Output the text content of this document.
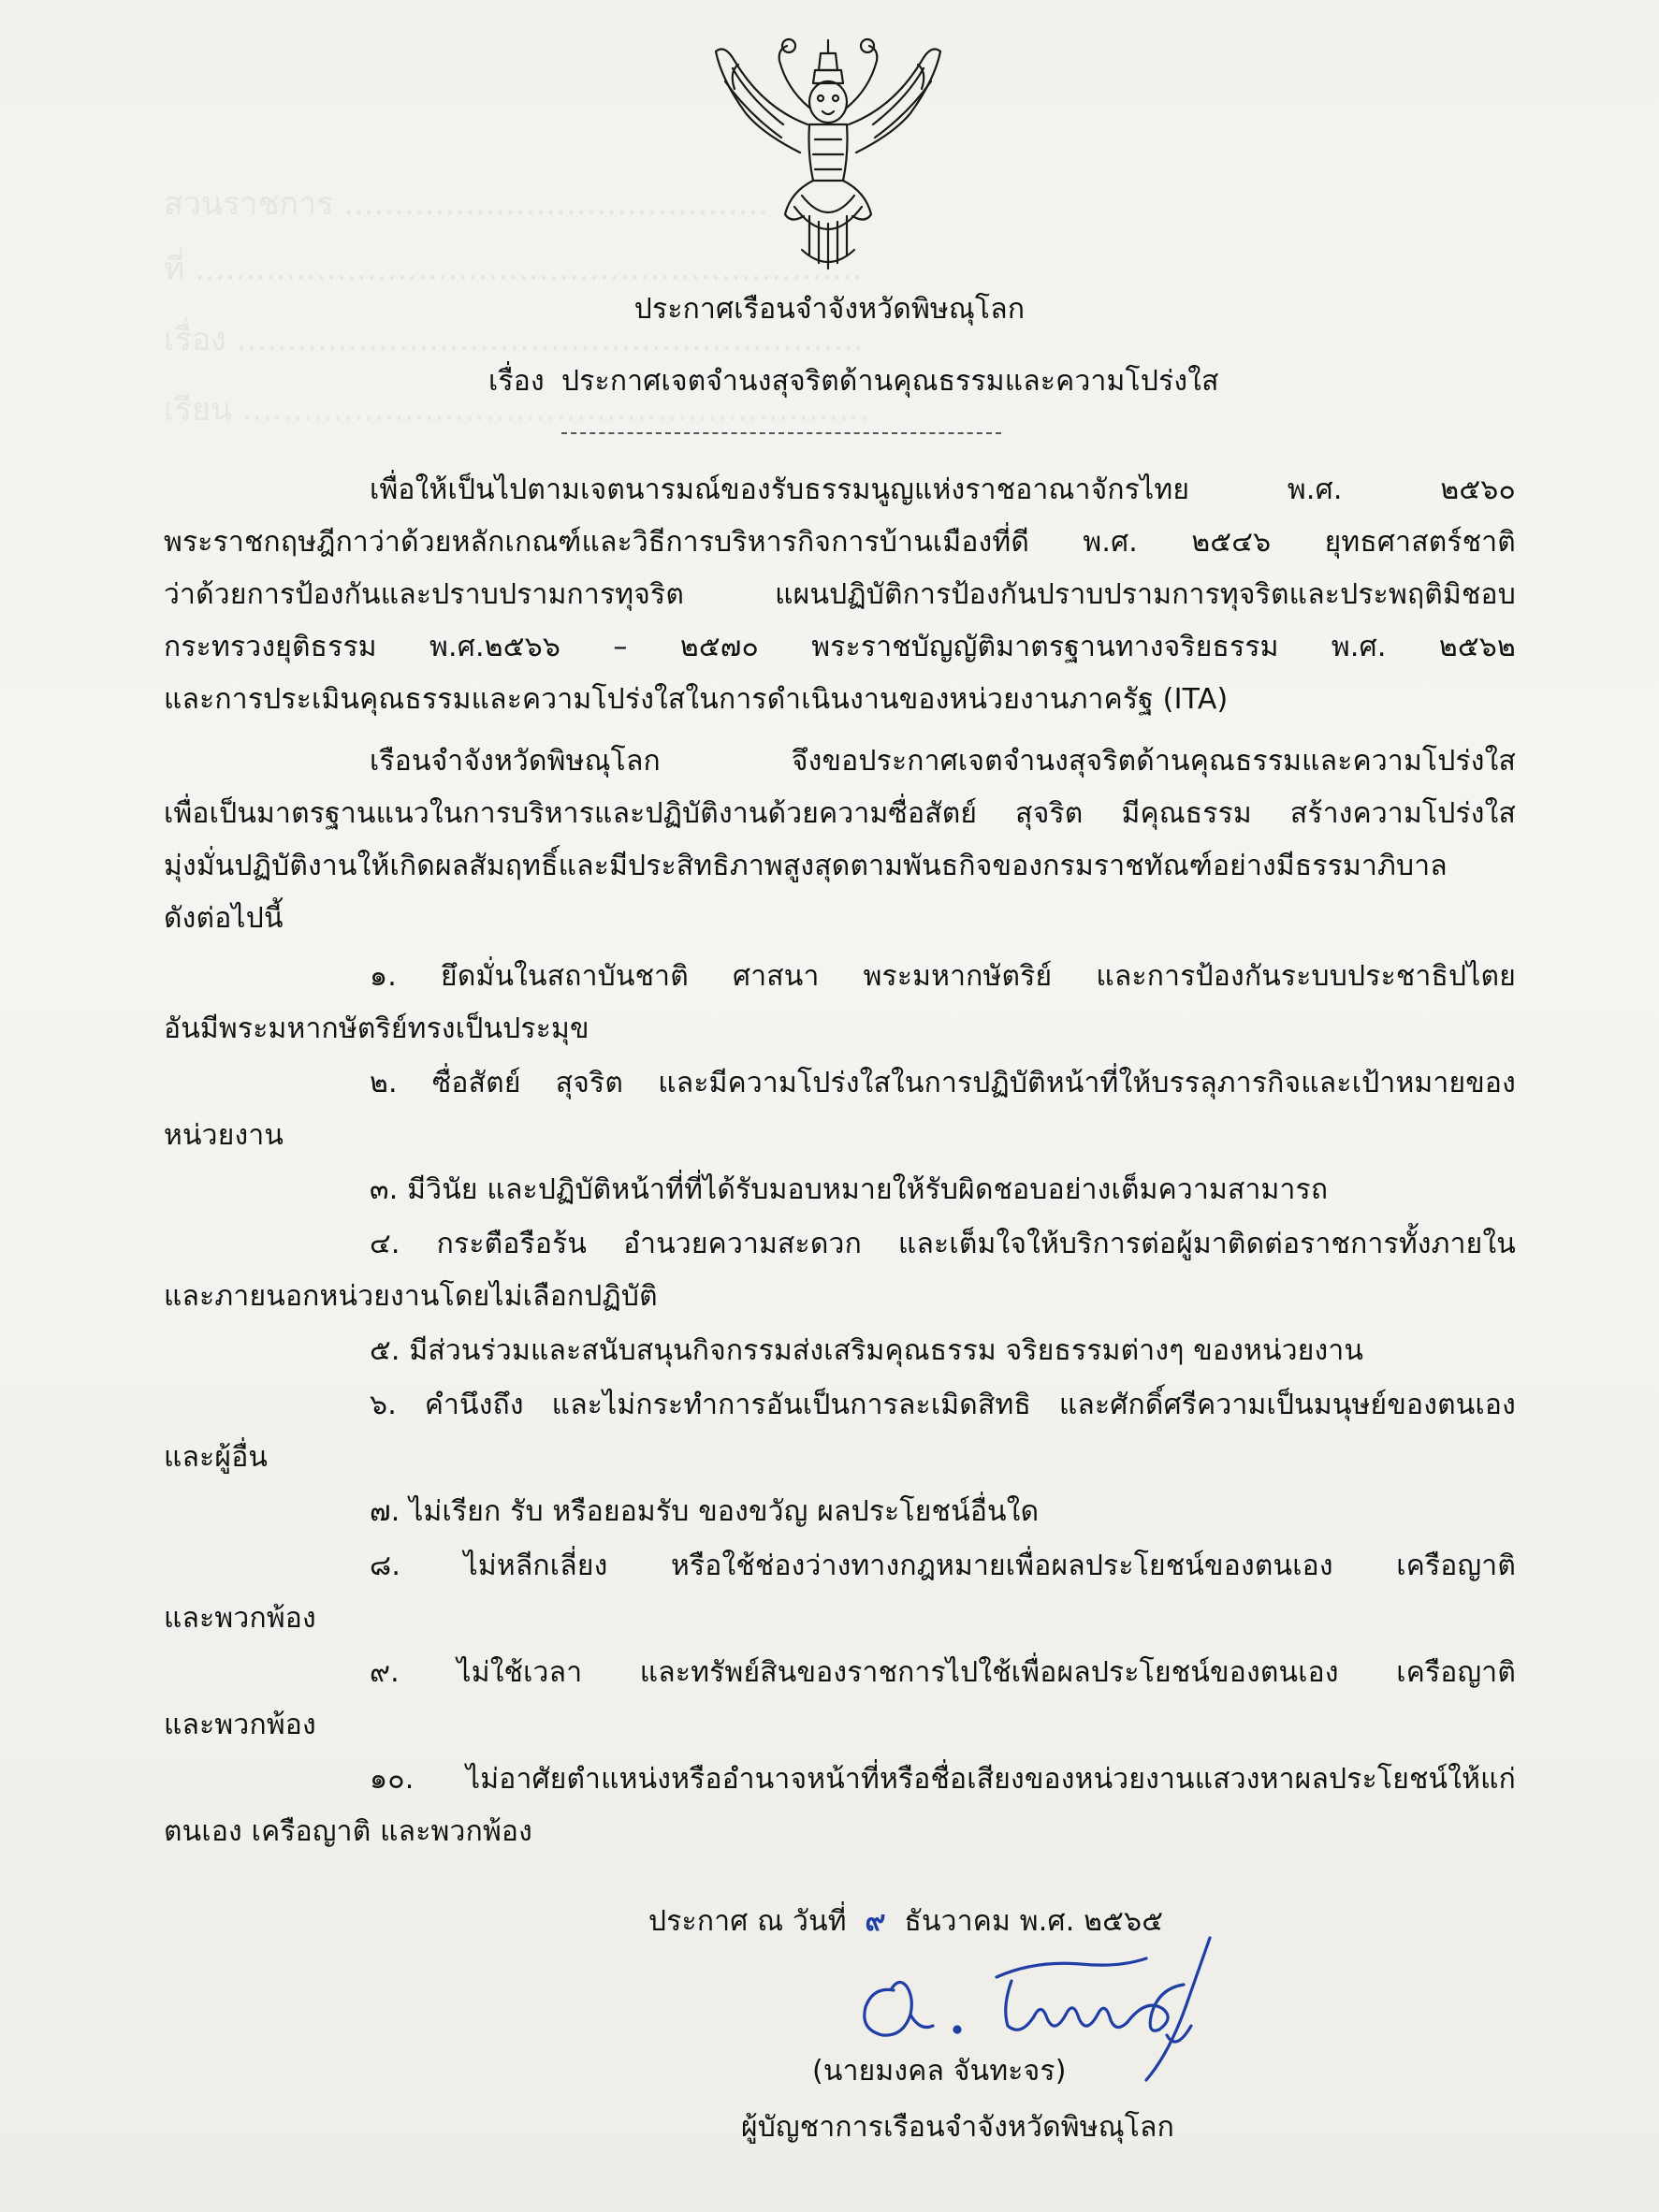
สวนราชการ ..........................................
ที่ ..................................................................
เรื่อง ..............................................................
เรียน ..............................................................
ประกาศเรือนจำจังหวัดพิษณุโลก
เรื่อง ประกาศเจตจำนงสุจริตด้านคุณธรรมและความโปร่งใส
เพื่อให้เป็นไปตามเจตนารมณ์ของรับธรรมนูญแห่งราชอาณาจักรไทย พ.ศ. ๒๕๖๐
พระราชกฤษฎีกาว่าด้วยหลักเกณฑ์และวิธีการบริหารกิจการบ้านเมืองที่ดี พ.ศ. ๒๕๔๖ ยุทธศาสตร์ชาติ
ว่าด้วยการป้องกันและปราบปรามการทุจริต แผนปฏิบัติการป้องกันปราบปรามการทุจริตและประพฤติมิชอบ
กระทรวงยุติธรรม พ.ศ.๒๕๖๖ – ๒๕๗๐ พระราชบัญญัติมาตรฐานทางจริยธรรม พ.ศ. ๒๕๖๒
และการประเมินคุณธรรมและความโปร่งใสในการดำเนินงานของหน่วยงานภาครัฐ (ITA)
เรือนจำจังหวัดพิษณุโลก จึงขอประกาศเจตจำนงสุจริตด้านคุณธรรมและความโปร่งใส
เพื่อเป็นมาตรฐานแนวในการบริหารและปฏิบัติงานด้วยความซื่อสัตย์ สุจริต มีคุณธรรม สร้างความโปร่งใส
มุ่งมั่นปฏิบัติงานให้เกิดผลสัมฤทธิ์และมีประสิทธิภาพสูงสุดตามพันธกิจของกรมราชทัณฑ์อย่างมีธรรมาภิบาล
ดังต่อไปนี้
๑. ยึดมั่นในสถาบันชาติ ศาสนา พระมหากษัตริย์ และการป้องกันระบบประชาธิปไตย
อันมีพระมหากษัตริย์ทรงเป็นประมุข
๒. ซื่อสัตย์ สุจริต และมีความโปร่งใสในการปฏิบัติหน้าที่ให้บรรลุภารกิจและเป้าหมายของ
หน่วยงาน
๓. มีวินัย และปฏิบัติหน้าที่ที่ได้รับมอบหมายให้รับผิดชอบอย่างเต็มความสามารถ
๔. กระตือรือร้น อำนวยความสะดวก และเต็มใจให้บริการต่อผู้มาติดต่อราชการทั้งภายใน
และภายนอกหน่วยงานโดยไม่เลือกปฏิบัติ
๕. มีส่วนร่วมและสนับสนุนกิจกรรมส่งเสริมคุณธรรม จริยธรรมต่างๆ ของหน่วยงาน
๖. คำนึงถึง และไม่กระทำการอันเป็นการละเมิดสิทธิ และศักดิ์ศรีความเป็นมนุษย์ของตนเอง
และผู้อื่น
๗. ไม่เรียก รับ หรือยอมรับ ของขวัญ ผลประโยชน์อื่นใด
๘. ไม่หลีกเลี่ยง หรือใช้ช่องว่างทางกฎหมายเพื่อผลประโยชน์ของตนเอง เครือญาติ
และพวกพ้อง
๙. ไม่ใช้เวลา และทรัพย์สินของราชการไปใช้เพื่อผลประโยชน์ของตนเอง เครือญาติ
และพวกพ้อง
๑๐. ไม่อาศัยตำแหน่งหรืออำนาจหน้าที่หรือชื่อเสียงของหน่วยงานแสวงหาผลประโยชน์ให้แก่
ตนเอง เครือญาติ และพวกพ้อง
ประกาศ ณ วันที่ ๙ ธันวาคม พ.ศ. ๒๕๖๕
(นายมงคล จันทะจร)
ผู้บัญชาการเรือนจำจังหวัดพิษณุโลก
